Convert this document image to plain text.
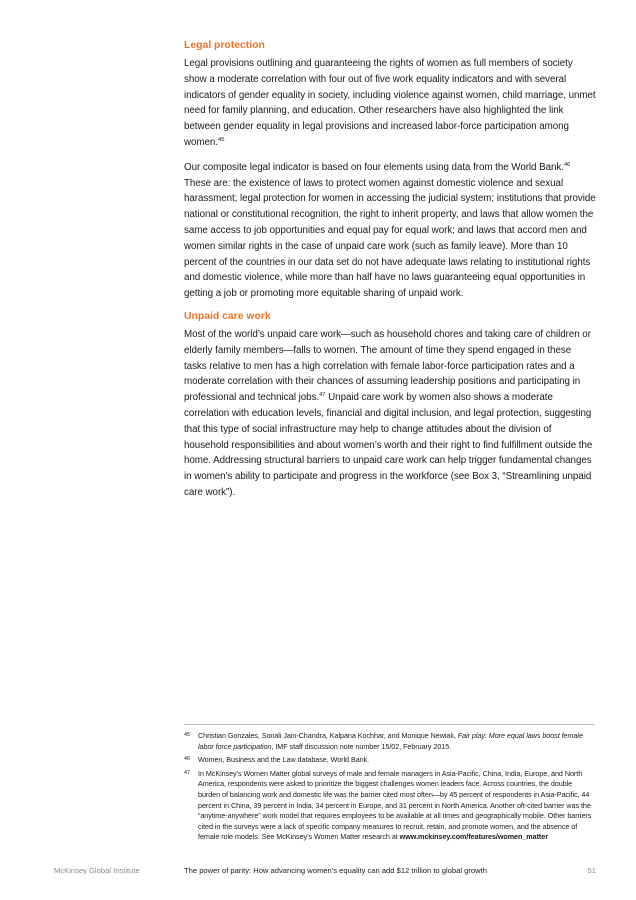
Legal protection

Legal provisions outlining and guaranteeing the rights of women as full members of society show a moderate correlation with four out of five work equality indicators and with several indicators of gender equality in society, including violence against women, child marriage, unmet need for family planning, and education. Other researchers have also highlighted the link between gender equality in legal provisions and increased labor-force participation among women.$^{45}$

Our composite legal indicator is based on four elements using data from the World Bank.$^{46}$ These are: the existence of laws to protect women against domestic violence and sexual harassment; legal protection for women in accessing the judicial system; institutions that provide national or constitutional recognition, the right to inherit property, and laws that allow women the same access to job opportunities and equal pay for equal work; and laws that accord men and women similar rights in the case of unpaid care work (such as family leave). More than 10 percent of the countries in our data set do not have adequate laws relating to institutional rights and domestic violence, while more than half have no laws guaranteeing equal opportunities in getting a job or promoting more equitable sharing of unpaid work.

Unpaid care work

Most of the world’s unpaid care work—such as household chores and taking care of children or elderly family members—falls to women. The amount of time they spend engaged in these tasks relative to men has a high correlation with female labor-force participation rates and a moderate correlation with their chances of assuming leadership positions and participating in professional and technical jobs.$^{47}$ Unpaid care work by women also shows a moderate correlation with education levels, financial and digital inclusion, and legal protection, suggesting that this type of social infrastructure may help to change attitudes about the division of household responsibilities and about women’s worth and their right to find fulfillment outside the home. Addressing structural barriers to unpaid care work can help trigger fundamental changes in women’s ability to participate and progress in the workforce (see Box 3, “Streamlining unpaid care work”).

45 Christian Gonzales, Sonali Jain-Chandra, Kalpana Kochhar, and Monique Newiak, Fair play: More equal laws boost female labor force participation, IMF staff discussion note number 15/02, February 2015.
46 Women, Business and the Law database, World Bank.
47 In McKinsey’s Women Matter global surveys of male and female managers in Asia-Pacific, China, India, Europe, and North America, respondents were asked to prioritize the biggest challenges women leaders face. Across countries, the double burden of balancing work and domestic life was the barrier cited most often—by 45 percent of respondents in Asia-Pacific, 44 percent in China, 39 percent in India, 34 percent in Europe, and 31 percent in North America. Another oft-cited barrier was the “anytime-anywhere” work model that requires employees to be available at all times and geographically mobile. Other barriers cited in the surveys were a lack of specific company measures to recruit, retain, and promote women, and the absence of female role models. See McKinsey’s Women Matter research at www.mckinsey.com/features/women_matter
McKinsey Global Institute	The power of parity: How advancing women’s equality can add $12 trillion to global growth	51
